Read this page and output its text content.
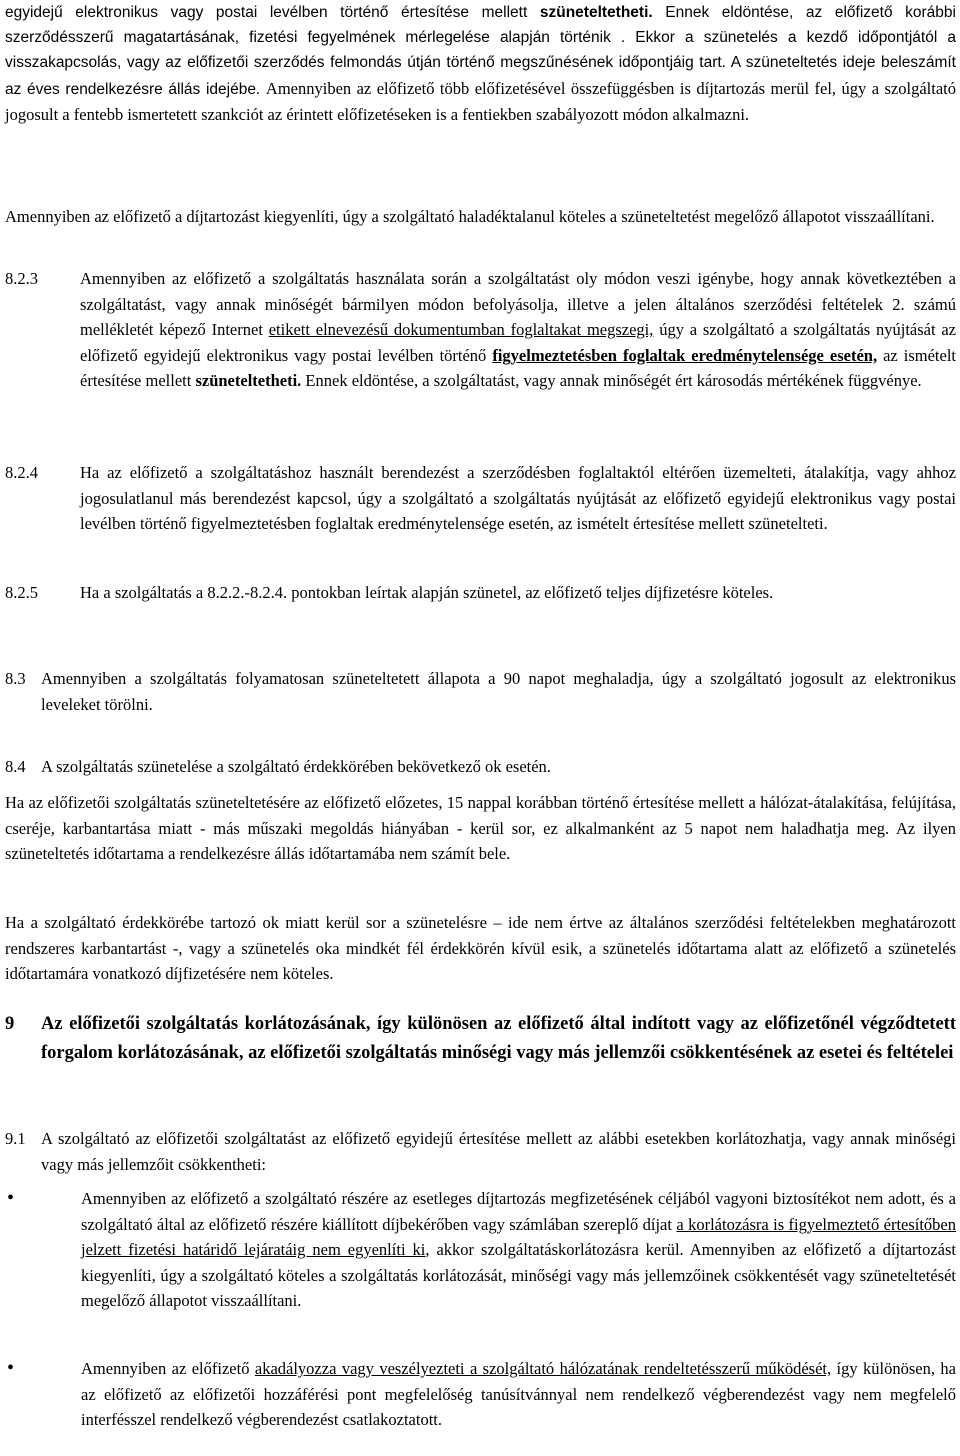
egyidejű elektronikus vagy postai levélben történő értesítése mellett szüneteltetheti. Ennek eldöntése, az előfizető korábbi szerződésszerű magatartásának, fizetési fegyelmének mérlegelése alapján történik . Ekkor a szünetelés a kezdő időpontjától a visszakapcsolás, vagy az előfizetői szerződés felmondás útján történő megszűnésének időpontjáig tart. A szüneteltetés ideje beleszámít az éves rendelkezésre állás idejébe. Amennyiben az előfizető több előfizetésével összefüggésben is díjtartozás merül fel, úgy a szolgáltató jogosult a fentebb ismertetett szankciót az érintett előfizetéseken is a fentiekben szabályozott módon alkalmazni.

Amennyiben az előfizető a díjtartozást kiegyenlíti, úgy a szolgáltató haladéktalanul köteles a szüneteltetést megelőző állapotot visszaállítani.

8.2.3	Amennyiben az előfizető a szolgáltatás használata során a szolgáltatást oly módon veszi igénybe, hogy annak következtében a szolgáltatást, vagy annak minőségét bármilyen módon befolyásolja, illetve a jelen általános szerződési feltételek 2. számú mellékletét képező Internet etikett elnevezésű dokumentumban foglaltakat megszegi, úgy a szolgáltató a szolgáltatás nyújtását az előfizető egyidejű elektronikus vagy postai levélben történő figyelmeztetésben foglaltak eredménytelensége esetén, az ismételt értesítése mellett szüneteltetheti. Ennek eldöntése, a szolgáltatást, vagy annak minőségét ért károsodás mértékének függvénye.

8.2.4	Ha az előfizető a szolgáltatáshoz használt berendezést a szerződésben foglaltaktól eltérően üzemelteti, átalakítja, vagy ahhoz jogosulatlanul más berendezést kapcsol, úgy a szolgáltató a szolgáltatás nyújtását az előfizető egyidejű elektronikus vagy postai levélben történő figyelmeztetésben foglaltak eredménytelensége esetén, az ismételt értesítése mellett szünetelteti.

8.2.5	Ha a szolgáltatás a 8.2.2.-8.2.4. pontokban leírtak alapján szünetel, az előfizető teljes díjfizetésre köteles.

8.3 Amennyiben a szolgáltatás folyamatosan szüneteltetett állapota a 90 napot meghaladja, úgy a szolgáltató jogosult az elektronikus leveleket törölni.

8.4 A szolgáltatás szünetelése a szolgáltató érdekkörében bekövetkező ok esetén.

Ha az előfizetői szolgáltatás szüneteltetésére az előfizető előzetes, 15 nappal korábban történő értesítése mellett a hálózat-átalakítása, felújítása, cseréje, karbantartása miatt - más műszaki megoldás hiányában - kerül sor, ez alkalmanként az 5 napot nem haladhatja meg. Az ilyen szüneteltetés időtartama a rendelkezésre állás időtartamába nem számít bele.

Ha a szolgáltató érdekkörébe tartozó ok miatt kerül sor a szünetelésre – ide nem értve az általános szerződési feltételekben meghatározott rendszeres karbantartást -, vagy a szünetelés oka mindkét fél érdekkörén kívül esik, a szünetelés időtartama alatt az előfizető a szünetelés időtartamára vonatkozó díjfizetésére nem köteles.

9	Az előfizetői szolgáltatás korlátozásának, így különösen az előfizető által indított vagy az előfizetőnél végződtetett forgalom korlátozásának, az előfizetői szolgáltatás minőségi vagy más jellemzői csökkentésének az esetei és feltételei
9.1 A szolgáltató az előfizetői szolgáltatást az előfizető egyidejű értesítése mellett az alábbi esetekben korlátozhatja, vagy annak minőségi vagy más jellemzőit csökkentheti:

•	Amennyiben az előfizető a szolgáltató részére az esetleges díjtartozás megfizetésének céljából vagyoni biztosítékot nem adott, és a szolgáltató által az előfizető részére kiállított díjbekérőben vagy számlában szereplő díjat a korlátozásra is figyelmeztető értesítőben jelzett fizetési határidő lejáratáig nem egyenlíti ki, akkor szolgáltatáskorlátozásra kerül. Amennyiben az előfizető a díjtartozást kiegyenlíti, úgy a szolgáltató köteles a szolgáltatás korlátozását, minőségi vagy más jellemzőinek csökkentését vagy szüneteltetését megelőző állapotot visszaállítani.

•	Amennyiben az előfizető akadályozza vagy veszélyezteti a szolgáltató hálózatának rendeltetésszerű működését, így különösen, ha az előfizető az előfizetői hozzáférési pont megfelelőség tanúsítvánnyal nem rendelkező végberendezést vagy nem megfelelő interfésszel rendelkező végberendezést csatlakoztatott.
